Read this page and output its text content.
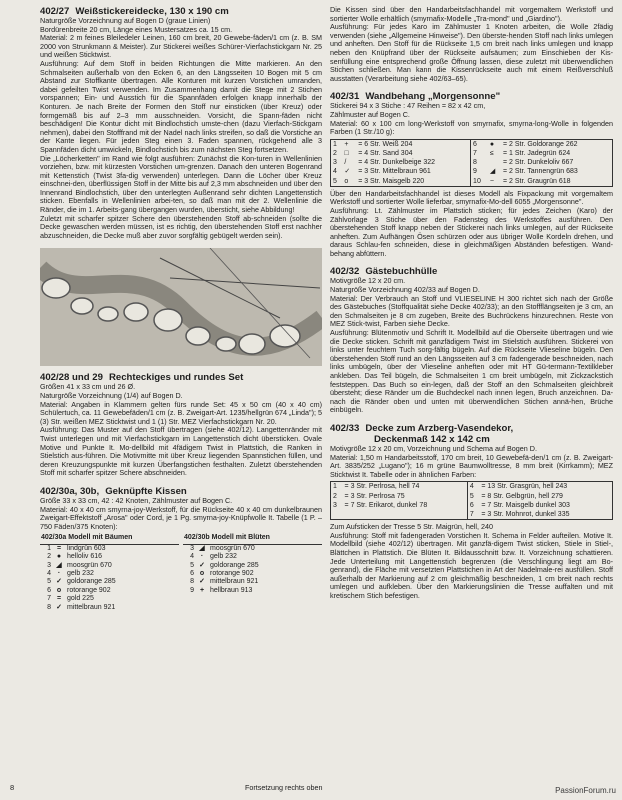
402/27 Weißstickereidecke, 130 x 190 cm

Naturgröße Vorzeichnung auf Bogen D (graue Linien)

Bordürenbreite 20 cm, Länge eines Mustersatzes ca. 15 cm.

Material: 2 m feines Bleiledeler Leinen, 160 cm breit, 20 Gewebe-fäden/1 cm (z. B. SM 2000 von Strunkmann & Meister). Zur Stickerei weißes Schürer-Vierfachstickgarn Nr. 25 und weißen Sticktwist.

Ausführung: Auf dem Stoff in beiden Richtungen die Mitte markieren. An den Schmalseiten außerhalb von den Ecken 6, an den Längsseiten 10 Bogen mit 5 cm Abstand zur Stoffkante übertragen. Alle Konturen mit kurzen Vorstichen umranden, dabei gefeilten Twist verwenden. Im Zusammenhang damit die Stege mit 2 Stichen vorspannen; Ein- und Ausstich für die Spannfäden erfolgen knapp innerhalb der Konturen. Je nach Breite der Formen den Stoff nur einsticken (über Kreuz) oder formgemäß bis auf 2–3 mm ausschneiden. Vorsicht, die Spann-fäden nicht beschädigen! Die Kontur dicht mit Bindlochstich umste-chen (dazu Vierfach-Stickgarn nehmen), dabei den Stofffrand mit der Nadel nach links streifen, so daß die Vorstiche an der Kante liegen. Für jeden Steg einen 3. Faden spannen, rückgehend alle 3 Spannfäden dicht umwickeln, Bindlochstich bis zum nächsten Steg fortsetzen.

Die „Löcherketten" im Rand wie folgt ausführen: Zunächst die Kon-turen in Wellenlinien vorziehen, bzw. mit kürzesten Vorstichen um-grenzen. Danach den unteren Bogenrand mit Kettenstich (Twist 3fa-dig verwenden) unterlegen. Dann die Löcher über Kreuz einschnei-den, überflüssigen Stoff in der Mitte bis auf 2,3 mm abschneiden und über den Innenrand Bindlochstich, über den unterlegten Außenrand sehr dichten Langettenstich sticken. Ebenfalls in Wellenlinien arbei-ten, so daß man mit der 2. Wellenlinie die Ränder, die im 1. Arbeits-gang übergangen wurden, übersticht, siehe Abbildung!

Zuletzt mit scharfer spitzer Schere den überstehenden Stoff ab-schneiden (sollte die Decke gewaschen werden müssen, ist es richtig, den überstehenden Stoff erst nachher abzuschneiden, die Decke muß aber zuvor sorgfältig gebügelt werden sein).

402/28 und 29 Rechteckiges und rundes Set

Größen 41 x 33 cm und 26 Ø.

Naturgröße Vorzeichnung (1/4) auf Bogen D.

Material: Angaben in Klammern gelten fürs runde Set: 45 x 50 cm (40 x 40 cm) Schülertuch, ca. 11 Gewebefäden/1 cm (z. B. Zweigart-Art. 1235/hellgrün 674 „Linda"); 5 (3) Str. weißen MEZ Sticktwist und 1 (1) Str. MEZ Vierfachstickgarn Nr. 20.

Ausführung: Das Muster auf den Stoff übertragen (siehe 402/12). Langettenränder mit Twist unterlegen und mit Vierfachstickgarn im Langettenstich dicht übersticken. Ovale Motive und Punkte It. Mo-dellbild mit 4fädigem Twist in Plattstich, die Ranken in Stielstich aus-führen. Die Motivmitte mit über Kreuz liegenden Spannstichen füllen, und deren Kreuzungspunkte mit kurzen Überfangstichen festhalten. Zuletzt überstehenden Stoff mit scharfer spitzer Schere abschneiden.

402/30a, 30b, Geknüpfte Kissen

Größe 33 x 33 cm, 42 : 42 Knoten, Zählmuster auf Bogen C.

Material: 40 x 40 cm smyrna-joy-Werkstoff, für die Rückseite 40 x 40 cm dunkelbraunen Zweigart-Effektstoff „Arosa" oder Cord, je 1 Pg. smyrna-joy-Knüpfwolle It. Tabelle (1 P. – 750 Fäden/375 Knoten):

402/30a Modell mit Bäumen		
1	=	lindgrün 603
2	●	helloliv 616
3	◢	moosgrün 670
4	·	gelb 232
5	✓	goldorange 285
6	o	rotorange 902
7	=	gold 225
8	✓	mittelbraun 921
402/30b Modell mit Blüten		
3	◢	moosgrün 670
4	·	gelb 232
5	✓	goldorange 285
6	o	rotorange 902
8	✓	mittelbraun 921
9	+	hellbraun 913
8	Fortsetzung rechts oben

Die Kissen sind über den Handarbeitsfachhandel mit vorgemaltem Werkstoff und sortierter Wolle erhältlich (smyrnafix-Modelle „Tra-mond" und „Giardino").

Ausführung: Für jedes Karo im Zählmuster 1 Knoten arbeiten, die Wolle 2fädig verwenden (siehe „Allgemeine Hinweise"). Den überste-henden Stoff nach links umlegen und anheften. Den Stoff für die Rückseite 1,5 cm breit nach links umlegen und knapp neben den Knüpfrand über der Rückseite aufsäumen; zum Einschieben der Kis-senfüllung eine entsprechend große Öffnung lassen, diese zuletzt mit überwendlichen Stichen schließen. Man kann die Kissenrückseite auch mit einem Reißverschluß ausstatten (Verarbeitung siehe 402/63–65).

402/31 Wandbehang „Morgensonne"

Stickerei 94 x 3 Stiche : 47 Reihen = 82 x 42 cm,

Zählmuster auf Bogen C.

Material: 60 x 100 cm long-Werkstoff von smyrnafix, smyrna-long-Wolle in folgenden Farben (1 Str./10 g):

1	+	= 6 Str. Weiß 204	6	●	= 2 Str. Goldorange 262
2	□	= 4 Str. Sand 304	7	≤	= 1 Str. Jadegrün 624
3	/	= 4 Str. Dunkelbeige 322	8		= 2 Str. Dunkeloliv 667
4	✓	= 3 Str. Mittelbraun 961	9	◢	= 2 Str. Tannengrün 683
5	o	= 3 Str. Maisgelb 220	10	−	= 2 Str. Graugrün 618

Über den Handarbeitsfachhandel ist dieses Modell als Fixpackung mit vorgemaltem Werkstoff und sortierter Wolle lieferbar, smyrnafix-Mo-dell 6055 „Morgensonne".

Ausführung: Lt. Zählmuster im Plattstich sticken; für jedes Zeichen (Karo) der Zählvorlage 3 Stiche über den Fadensteg des Werkstoffes ausführen. Den überstehenden Stoff knapp neben der Stickerei nach links umlegen, auf der Rückseite anheften. Zum Aufhängen Ösen schürzen oder aus übriger Wolle Kordeln drehen, und daraus Schlau-fen schneiden, diese in gleichmäßigen Abständen befestigen. Wand-behang abfüttern.

402/32 Gästebuchhülle

Motivgröße 12 x 20 cm.

Naturgröße Vorzeichnung 402/33 auf Bogen D.

Material: Der Verbrauch an Stoff und VLIESELINE H 300 richtet sich nach der Größe des Gästebuches (Stoffqualität siehe Decke 402/33); an den Stoffflängseiten je 3 cm, an den Schmalseiten je 8 cm zugeben, Breite des Buchrückens hinzurechnen. Reste von MEZ Stick-twist, Farben siehe Decke.

Ausführung: Blütenmotiv und Schrift It. Modellbild auf die Oberseite übertragen und wie die Decke sticken. Schrift mit ganzfädigem Twist im Stielstich ausführen. Stickerei von links unter feuchtem Tuch sorg-fältig bügeln. Auf die Rückseite Vlieseline bügeln. Den überstehenden Stoff rund an den Längsseiten auf 3 cm fadengerade beschneiden, nach links umbügeln, über der Vlieseline anheften oder mit HT Gü-termann-Textilkleber ankleben. Das Teil bügeln, die Schmalseiten 1 cm breit umbügeln, mit Zickzackstich feststeppen. Das Buch so ein-legen, daß der Stoff an den Schmalseiten gleichbreit übersteht; diese Ränder um die Buchdeckel nach innen legen, Bruch anzeichnen. Da-nach die Ränder oben und unten mit überwendlichen Stichen annä-hen, Brüche einbügeln.

402/33 Decke zum Arzberg-Vasendekor,

Deckenmaß 142 x 142 cm

Motivgröße 12 x 20 cm, Vorzeichnung und Schema auf Bogen D.

Material: 1,50 m Handarbeitsstoff, 170 cm breit, 10 Gewebefä-den/1 cm (z. B. Zweigart-Art. 3835/252 „Lugano"); 16 m grüne Baumwolltresse, 8 mm breit (Kirrkamm); MEZ Sticktwist It. Tabelle oder in ähnlichen Farben:

1	= 3 Str. Perlrosa, hell 74	4	= 13 Str. Grasgrün, hell 243
2	= 3 Str. Perlrosa 75	5	= 8 Str. Gelbgrün, hell 279
3	= 7 Str. Erikarot, dunkel 78	6	= 7 Str. Maisgelb dunkel 303
		7	= 3 Str. Mohnrot, dunkel 335

Zum Aufsticken der Tresse 5 Str. Maigrün, hell, 240

Ausführung: Stoff mit fadengeraden Vorstichen It. Schema in Felder aufteilen. Motive It. Modellbild (siehe 402/12) übertragen. Mit ganzfä-digem Twist sticken, Stiele in Stiel-, Blättchen in Plattstich. Die Blüten It. Bildausschnitt bzw. It. Vorzeichnung schattieren. Jede Unterteilung mit Langettenstich begrenzen (die Verschlingung liegt am Bo-genrand), die Fläche mit versetzten Plattstichen in Art der Nadelmale-rei ausfüllen. Stoff außerhalb der Markierung auf 2 cm gleichmäßig beschneiden, 1 cm breit nach rechts umlegen und aufkleben. Über den Markierungslinien die Tresse auffalten und mit kretischem Stich befestigen.

PassionForum.ru
